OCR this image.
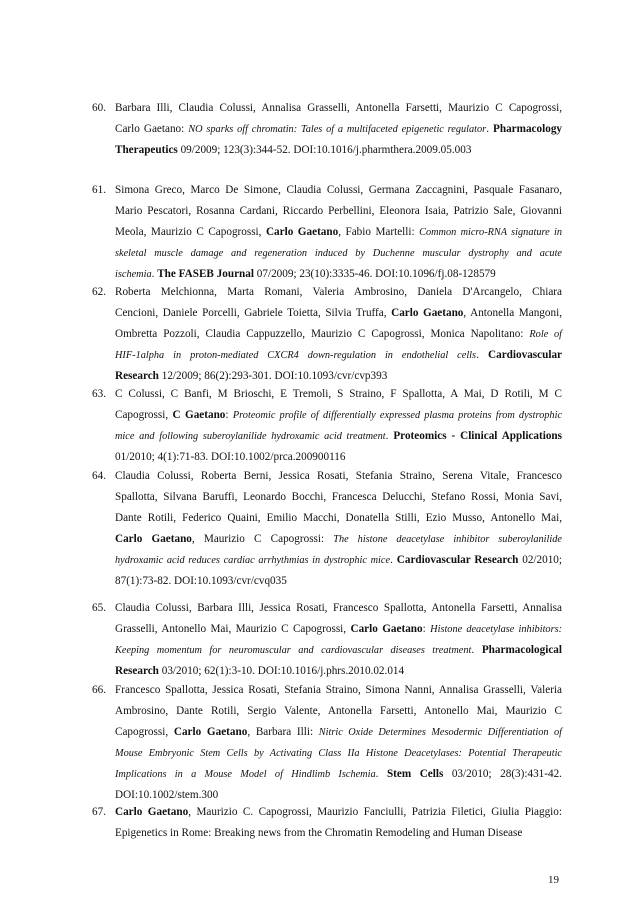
60. Barbara Illi, Claudia Colussi, Annalisa Grasselli, Antonella Farsetti, Maurizio C Capogrossi,
Carlo Gaetano: NO sparks off chromatin: Tales of a multifaceted epigenetic regulator. Pharmacology
Therapeutics 09/2009; 123(3):344-52. DOI:10.1016/j.pharmthera.2009.05.003
61. Simona Greco, Marco De Simone, Claudia Colussi, Germana Zaccagnini, Pasquale Fasanaro,
Mario Pescatori, Rosanna Cardani, Riccardo Perbellini, Eleonora Isaia, Patrizio Sale, Giovanni
Meola, Maurizio C Capogrossi, Carlo Gaetano, Fabio Martelli: Common micro-RNA signature in
skeletal muscle damage and regeneration induced by Duchenne muscular dystrophy and acute
ischemia. The FASEB Journal 07/2009; 23(10):3335-46. DOI:10.1096/fj.08-128579
62. Roberta Melchionna, Marta Romani, Valeria Ambrosino, Daniela D'Arcangelo, Chiara
Cencioni, Daniele Porcelli, Gabriele Toietta, Silvia Truffa, Carlo Gaetano, Antonella Mangoni,
Ombretta Pozzoli, Claudia Cappuzzello, Maurizio C Capogrossi, Monica Napolitano: Role of
HIF-1alpha in proton-mediated CXCR4 down-regulation in endothelial cells. Cardiovascular
Research 12/2009; 86(2):293-301. DOI:10.1093/cvr/cvp393
63. C Colussi, C Banfi, M Brioschi, E Tremoli, S Straino, F Spallotta, A Mai, D Rotili, M C
Capogrossi, C Gaetano: Proteomic profile of differentially expressed plasma proteins from dystrophic
mice and following suberoylanilide hydroxamic acid treatment. Proteomics - Clinical Applications
01/2010; 4(1):71-83. DOI:10.1002/prca.200900116
64. Claudia Colussi, Roberta Berni, Jessica Rosati, Stefania Straino, Serena Vitale, Francesco
Spallotta, Silvana Baruffi, Leonardo Bocchi, Francesca Delucchi, Stefano Rossi, Monia Savi,
Dante Rotili, Federico Quaini, Emilio Macchi, Donatella Stilli, Ezio Musso, Antonello Mai,
Carlo Gaetano, Maurizio C Capogrossi: The histone deacetylase inhibitor suberoylanilide
hydroxamic acid reduces cardiac arrhythmias in dystrophic mice. Cardiovascular Research 02/2010;
87(1):73-82. DOI:10.1093/cvr/cvq035
65. Claudia Colussi, Barbara Illi, Jessica Rosati, Francesco Spallotta, Antonella Farsetti, Annalisa
Grasselli, Antonello Mai, Maurizio C Capogrossi, Carlo Gaetano: Histone deacetylase inhibitors:
Keeping momentum for neuromuscular and cardiovascular diseases treatment. Pharmacological
Research 03/2010; 62(1):3-10. DOI:10.1016/j.phrs.2010.02.014
66. Francesco Spallotta, Jessica Rosati, Stefania Straino, Simona Nanni, Annalisa Grasselli, Valeria
Ambrosino, Dante Rotili, Sergio Valente, Antonella Farsetti, Antonello Mai, Maurizio C
Capogrossi, Carlo Gaetano, Barbara Illi: Nitric Oxide Determines Mesodermic Differentiation of
Mouse Embryonic Stem Cells by Activating Class IIa Histone Deacetylases: Potential Therapeutic
Implications in a Mouse Model of Hindlimb Ischemia. Stem Cells 03/2010; 28(3):431-42.
DOI:10.1002/stem.300
67. Carlo Gaetano, Maurizio C. Capogrossi, Maurizio Fanciulli, Patrizia Filetici, Giulia Piaggio:
Epigenetics in Rome: Breaking news from the Chromatin Remodeling and Human Disease
19
